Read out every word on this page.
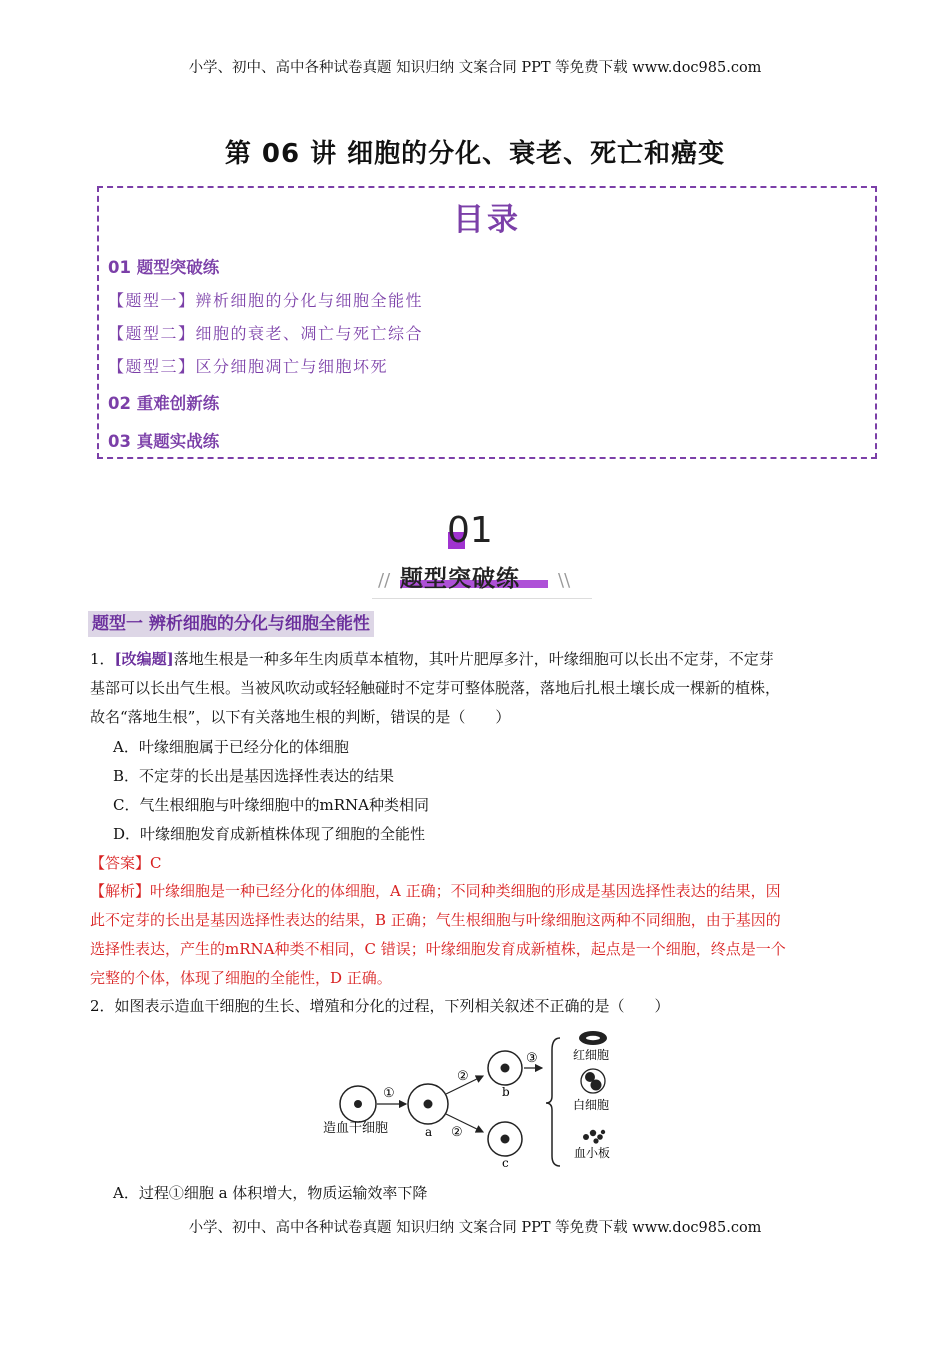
小学、初中、高中各种试卷真题 知识归纳 文案合同 PPT 等免费下载 www.doc985.com
第 06 讲 细胞的分化、衰老、死亡和癌变
目录
01 题型突破练
【题型一】辨析细胞的分化与细胞全能性
【题型二】细胞的衰老、凋亡与死亡综合
【题型三】区分细胞凋亡与细胞坏死
02 重难创新练
03 真题实战练
01
题型突破练
//	\\
题型一 辨析细胞的分化与细胞全能性
1．[改编题]落地生根是一种多年生肉质草本植物，其叶片肥厚多汁，叶缘细胞可以长出不定芽，不定芽
基部可以长出气生根。当被风吹动或轻轻触碰时不定芽可整体脱落，落地后扎根土壤长成一棵新的植株，
故名“落地生根”，以下有关落地生根的判断，错误的是（　　）
A．叶缘细胞属于已经分化的体细胞
B．不定芽的长出是基因选择性表达的结果
C．气生根细胞与叶缘细胞中的mRNA种类相同
D．叶缘细胞发育成新植株体现了细胞的全能性
【答案】C
【解析】叶缘细胞是一种已经分化的体细胞，A 正确；不同种类细胞的形成是基因选择性表达的结果，因
此不定芽的长出是基因选择性表达的结果，B 正确；气生根细胞与叶缘细胞这两种不同细胞，由于基因的
选择性表达，产生的mRNA种类不相同，C 错误；叶缘细胞发育成新植株，起点是一个细胞，终点是一个
完整的个体，体现了细胞的全能性，D 正确。
2．如图表示造血干细胞的生长、增殖和分化的过程，下列相关叙述不正确的是（　　）
造血干细胞
①
a
②
②
b
c
③	红细胞
白细胞
血小板
A．过程①细胞 a 体积增大，物质运输效率下降
小学、初中、高中各种试卷真题 知识归纳 文案合同 PPT 等免费下载 www.doc985.com
